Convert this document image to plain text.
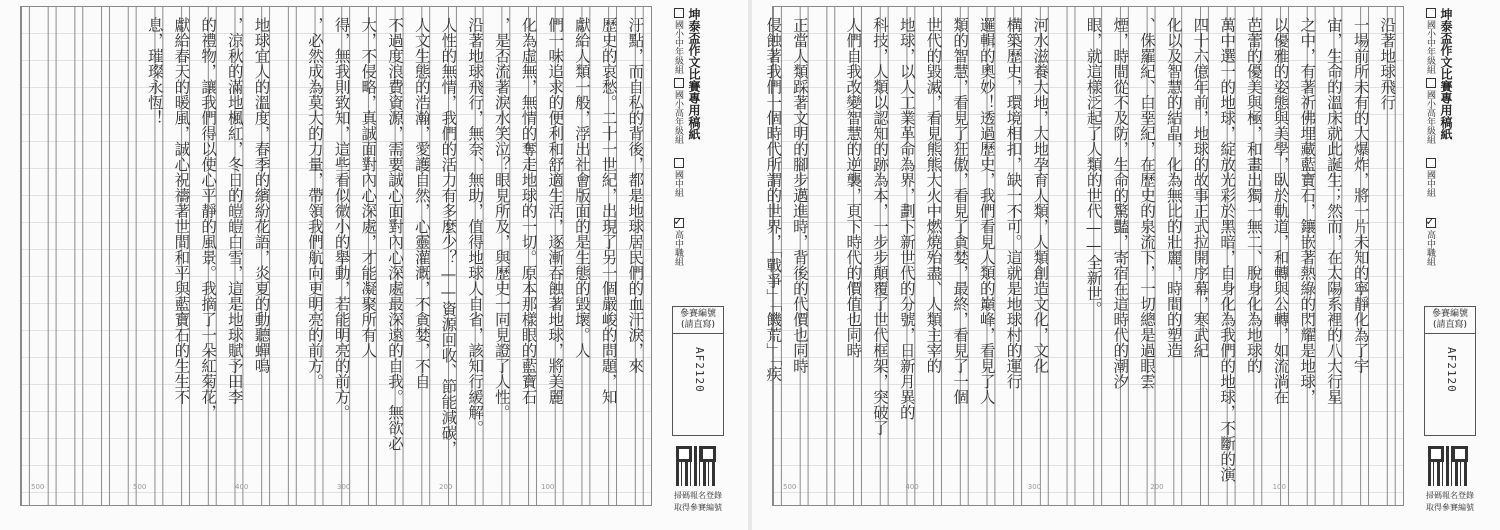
汙點，而自私的背後，都是地球居民們的血汗淚，來
歷史的哀愁。二十一世紀，出現了另一個嚴峻的問題，知
獻給人類一般，浮出社會版面的是生態的毀壞。人
們一味追求的便利和舒適生活，逐漸吞蝕著地球，將美麗
化為虛無，無情的奪走地球的一切。原本那樣眼的藍寶石
，是否流著淚水笑泣？眼見所及，與歷史一同見證了人性。
沿著地球飛行，無奈、無助，值得地球人自省，該知行緩解。
人性的無情，我們的活力有多麼少？——資源回收、節能減碳，
人文生態的浩瀚，愛護自然，心靈灌溉，不貪婪，不自
不過度浪費資源，需要誠心面對內心深處最深遠的自我。無欲必
大，不侵略，真誠面對內心深處，才能凝聚所有人
得，無我則致知，這些看似微小的舉動，若能明亮的前方。
，必然成為莫大的力量，帶領我們航向更明亮的前方。
地球宜人的溫度，春季的繽紛花語，炎夏的動聽蟬鳴
，涼秋的滿地楓紅，冬日的皚皚白雪，這是地球賦予田李
的禮物，讓我們得以使心平靜的風景。我摘了一朵紅菊花，
獻給春天的暖風，誠心祝禱著世間和平與藍寶石的生生不
息，璀璨永恆！
500	500	400	300	200	100
沿著地球飛行
一場前所未有的大爆炸，將一片未知的寧靜化為了宇
宙，生命的溫床就此誕生；然而，在太陽系裡的八大行星
之中，有著祈佛埋藏藍寶石，鑲嵌著熱綠的閃耀是地球，
以優雅的姿態與美學，臥於軌道，和轉與公轉，如流淌在
芭蕾的優美與極，和畫出獨一無二、脫身化為地球的
萬中選一的地球，綻放光彩於黑暗，自身化為我們的地球，不斷的演
四十六億年前，地球的故事正式拉開序幕，寒武紀
化以及智慧的結晶，化為無比的壯麗，時間的塑造
、侏羅紀、白堊紀，在歷史的泉流下，一切總是過眼雲
煙，時間從不及防，生命的驚豔，寄宿在這時代的潮汐
眼，就這樣泛起了人類的世代——全新世。
河水滋養大地，大地孕育人類，人類創造文化，文化
構築歷史，環境相扣，缺一不可。這就是地球村的運行
邏輯的奧妙！透過歷史，我們看見人類的巔峰，看見了人
類的智慧，看見了狂傲，看見了貪婪，最終，看見了一個
世代的毀滅，看見熊熊大火中燃燒殆盡、人類主宰的
地球，以人工業革命為界，劃下新世代的分號，日新月異的
科技，人類以認知的跡為本，一步步顛覆了世代框架，突破了
人們自我改變智慧的逆襲，頁下時代的價值也同時
正當人類踩著文明的腳步邁進時，背後的代價也同時
侵蝕著我們一個時代所謂的世界，「戰爭」「饑荒」「疾
500	400	300	200	100
坤泰盃作文比賽專用稿紙
國小中年級組
國小高年級組
國中組
✓
高中職組
參賽編號
(請直寫)
AF2120
掃碼報名登錄
取得參賽編號
坤泰盃作文比賽專用稿紙
國小中年級組
國小高年級組
國中組
✓
高中職組
參賽編號
(請直寫)
AF2120
掃碼報名登錄
取得參賽編號
